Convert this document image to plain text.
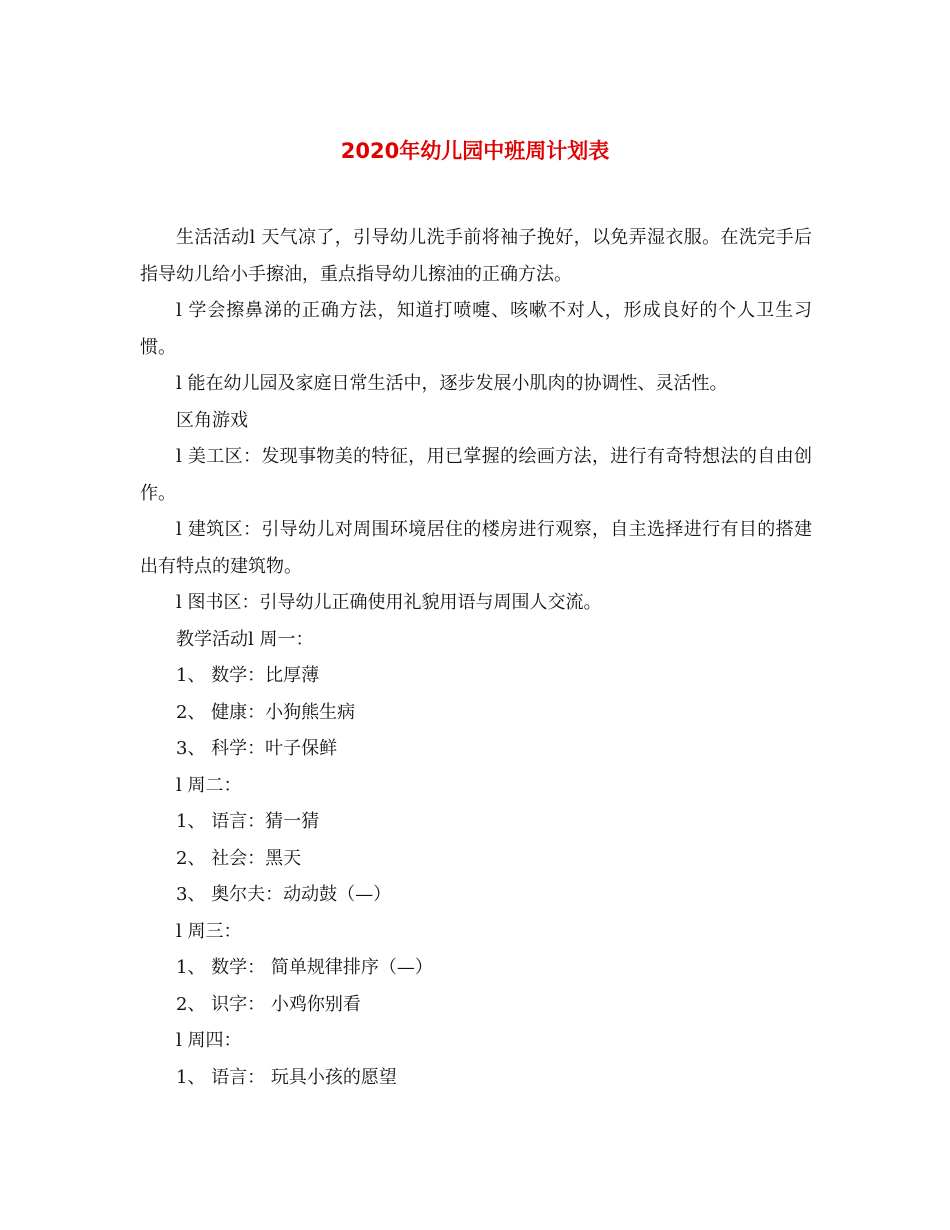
2020年幼儿园中班周计划表

生活活动l 天气凉了，引导幼儿洗手前将袖子挽好，以免弄湿衣服。在洗完手后指导幼儿给小手擦油，重点指导幼儿擦油的正确方法。

l 学会擦鼻涕的正确方法，知道打喷嚏、咳嗽不对人，形成良好的个人卫生习惯。

l 能在幼儿园及家庭日常生活中，逐步发展小肌肉的协调性、灵活性。

区角游戏

l 美工区：发现事物美的特征，用已掌握的绘画方法，进行有奇特想法的自由创作。

l 建筑区：引导幼儿对周围环境居住的楼房进行观察，自主选择进行有目的搭建出有特点的建筑物。

l 图书区：引导幼儿正确使用礼貌用语与周围人交流。

教学活动l 周一：

1、 数学：比厚薄

2、 健康：小狗熊生病

3、 科学：叶子保鲜

l 周二：

1、 语言：猜一猜

2、 社会：黑天

3、 奥尔夫：动动鼓（—）

l 周三：

1、 数学： 简单规律排序（—）

2、 识字： 小鸡你别看

l 周四：

1、 语言： 玩具小孩的愿望
